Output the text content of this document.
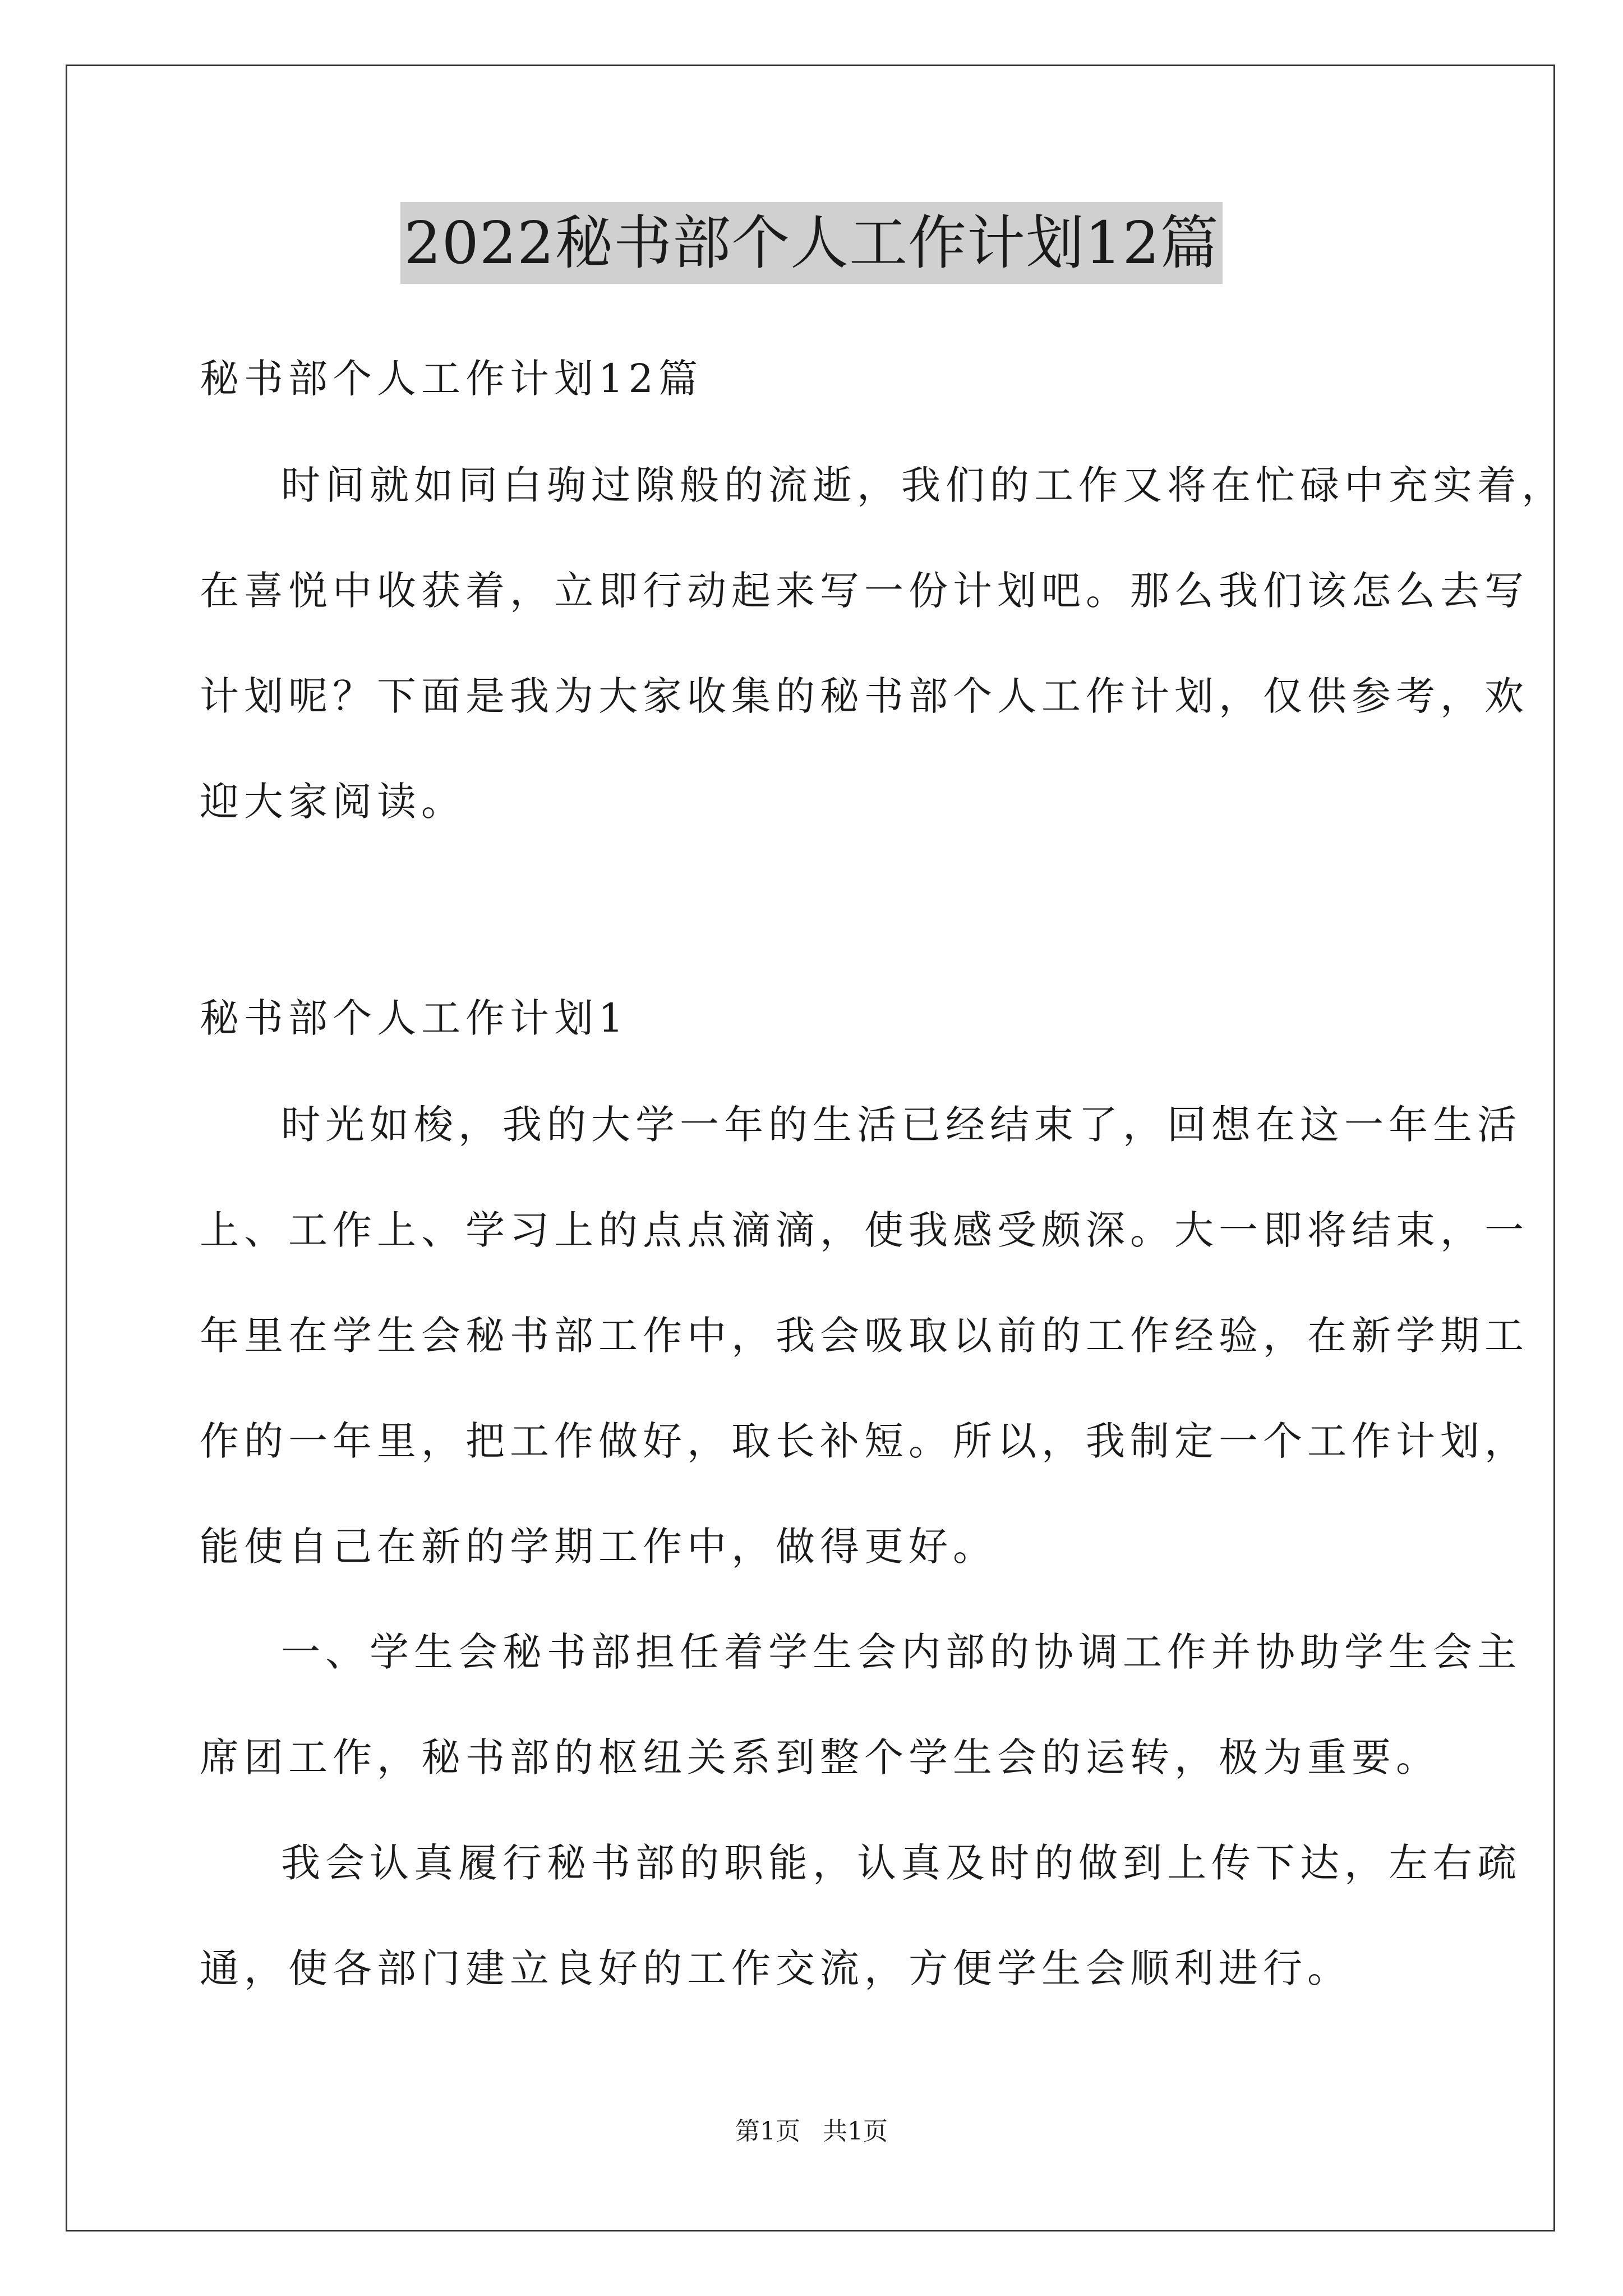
2022秘书部个人工作计划12篇
秘书部个人工作计划12篇
时间就如同白驹过隙般的流逝，我们的工作又将在忙碌中充实着，
在喜悦中收获着，立即行动起来写一份计划吧。那么我们该怎么去写
计划呢？下面是我为大家收集的秘书部个人工作计划，仅供参考，欢
迎大家阅读。
秘书部个人工作计划1
时光如梭，我的大学一年的生活已经结束了，回想在这一年生活
上、工作上、学习上的点点滴滴，使我感受颇深。大一即将结束，一
年里在学生会秘书部工作中，我会吸取以前的工作经验，在新学期工
作的一年里，把工作做好，取长补短。所以，我制定一个工作计划，
能使自己在新的学期工作中，做得更好。
一、学生会秘书部担任着学生会内部的协调工作并协助学生会主
席团工作，秘书部的枢纽关系到整个学生会的运转，极为重要。
我会认真履行秘书部的职能，认真及时的做到上传下达，左右疏
通，使各部门建立良好的工作交流，方便学生会顺利进行。
第1页 共1页
